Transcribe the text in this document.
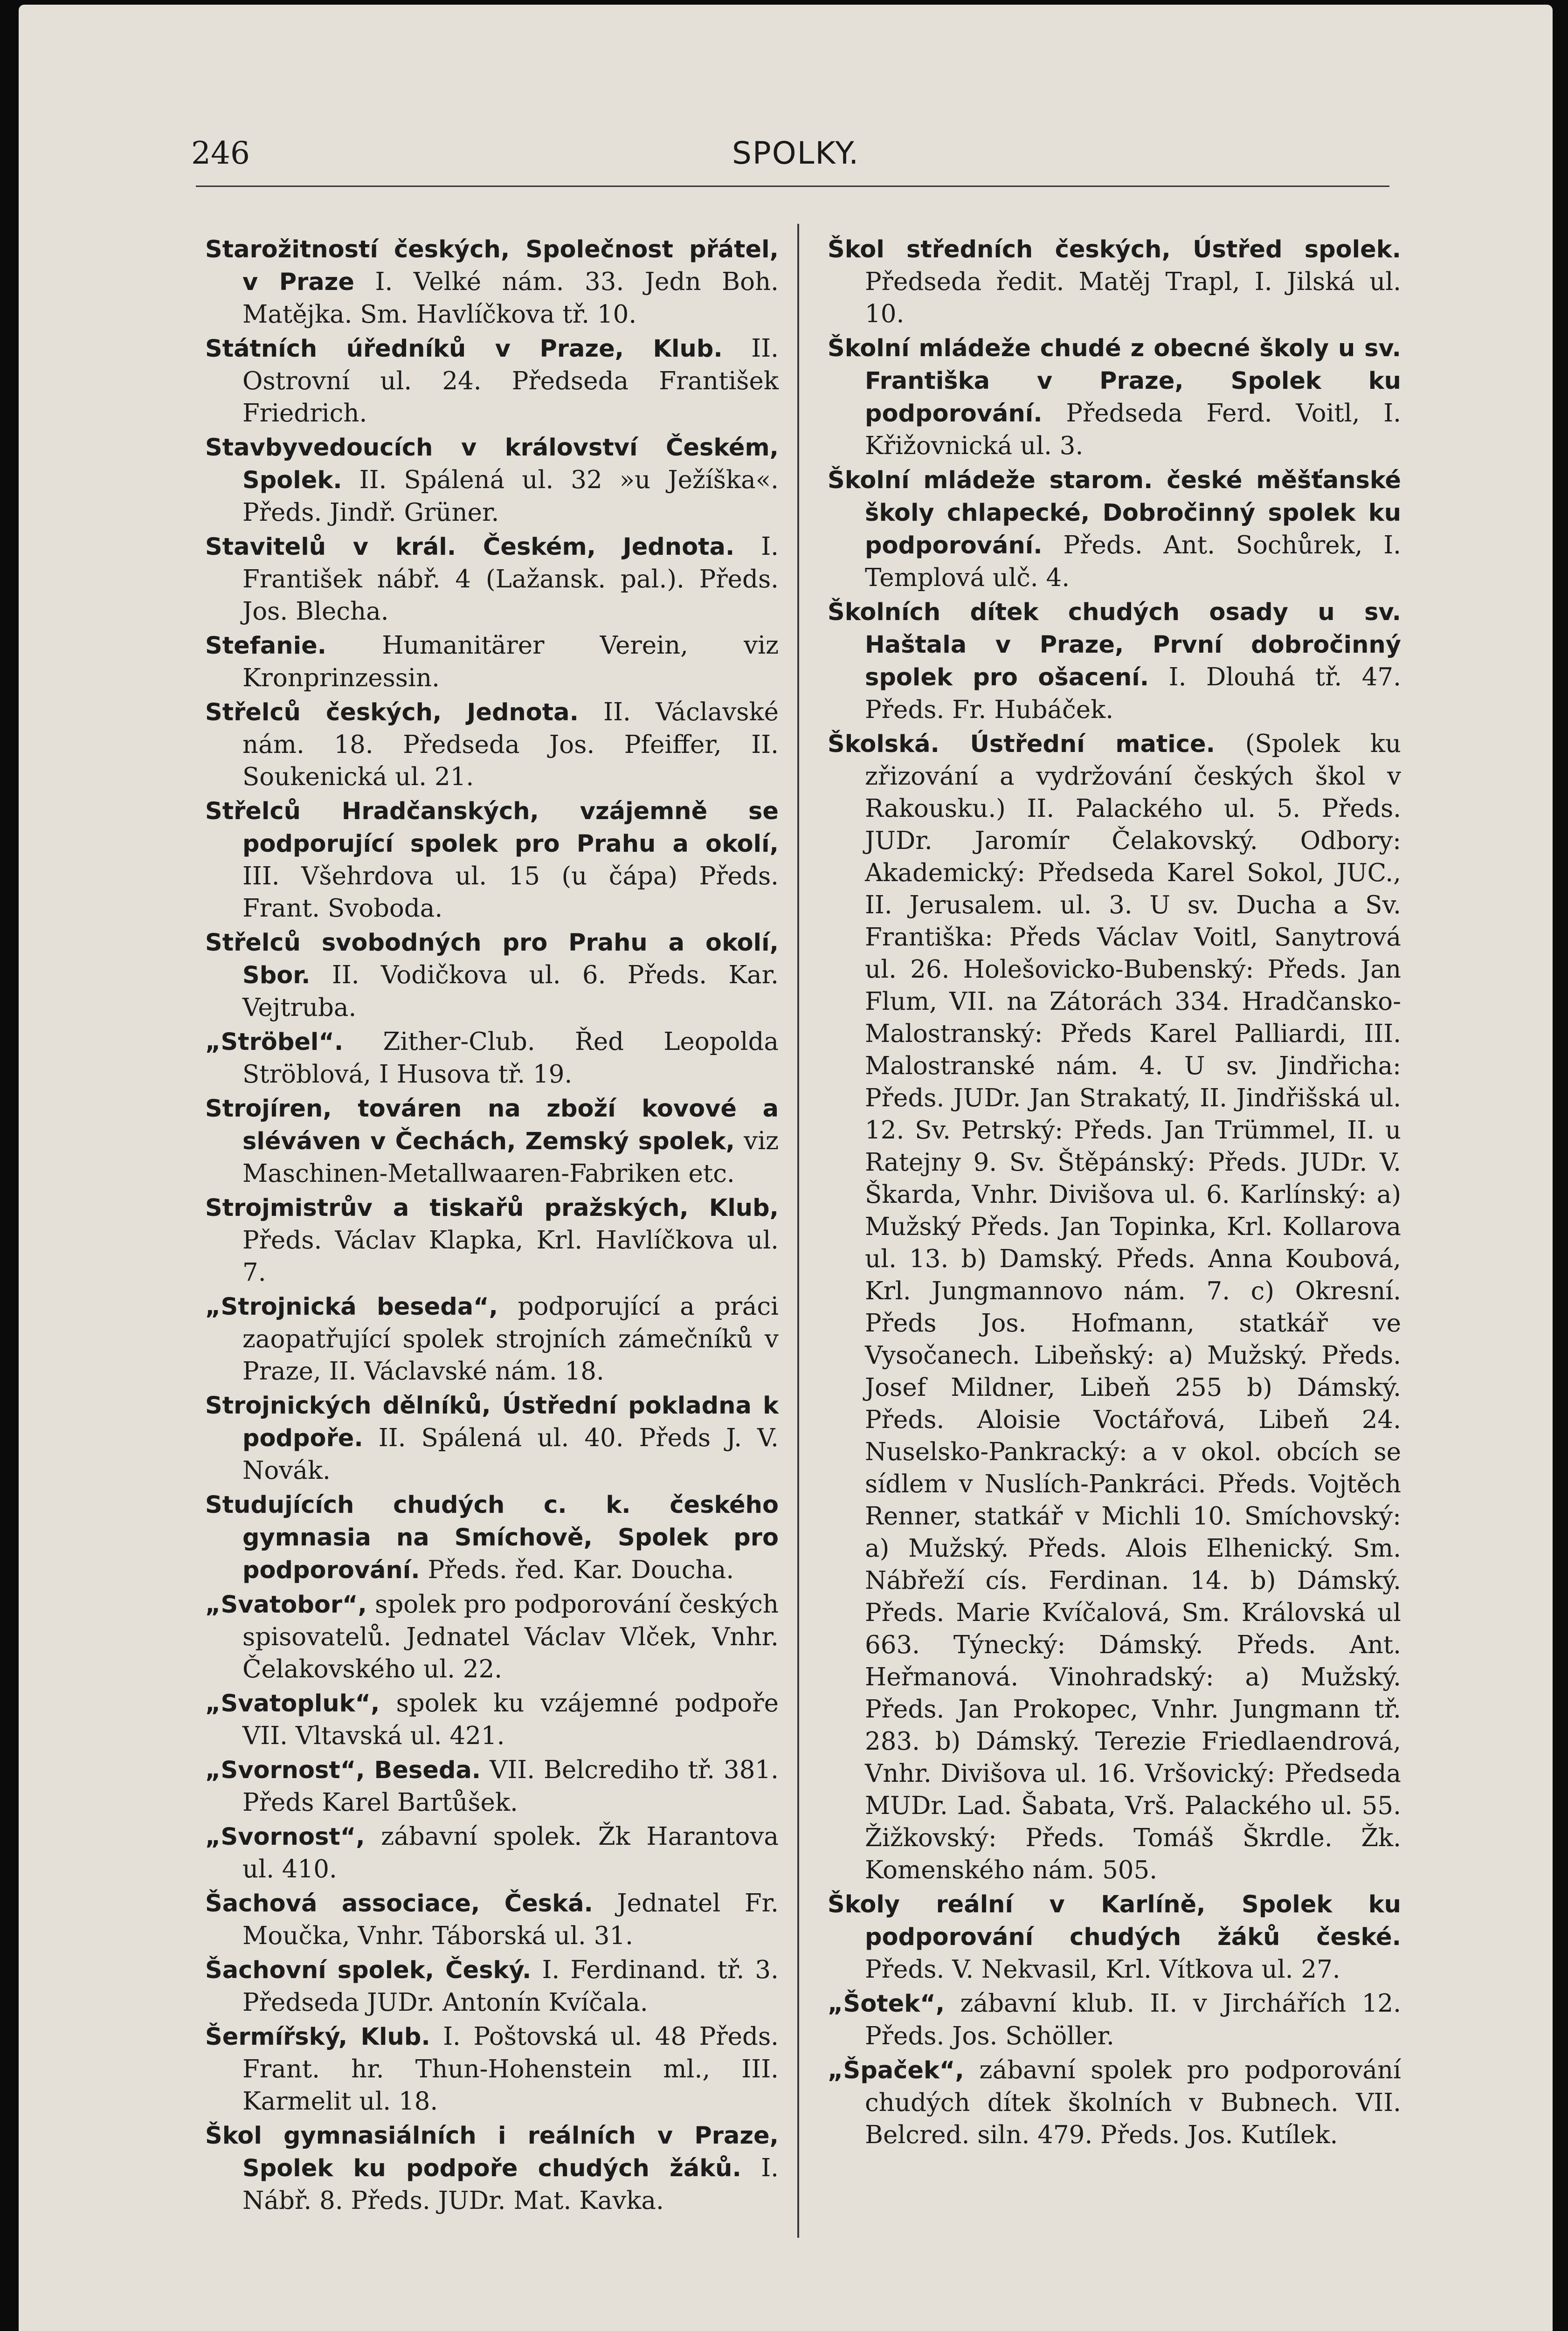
246	SPOLKY.

Starožitností českých, Společnost přátel, v Praze I. Velké nám. 33. Jedn Boh. Matějka. Sm. Havlíčkova tř. 10.

Státních úředníků v Praze, Klub. II. Ostrovní ul. 24. Předseda František Friedrich.

Stavbyvedoucích v království Českém, Spolek. II. Spálená ul. 32 »u Ježíška«. Předs. Jindř. Grüner.

Stavitelů v král. Českém, Jednota. I. František nábř. 4 (Lažansk. pal.). Předs. Jos. Blecha.

Stefanie. Humanitärer Verein, viz Kronprinzessin.

Střelců českých, Jednota. II. Václavské nám. 18. Předseda Jos. Pfeiffer, II. Soukenická ul. 21.

Střelců Hradčanských, vzájemně se podporující spolek pro Prahu a okolí, III. Všehrdova ul. 15 (u čápa) Předs. Frant. Svoboda.

Střelců svobodných pro Prahu a okolí, Sbor. II. Vodičkova ul. 6. Předs. Kar. Vejtruba.

„Ströbel“. Zither-Club. Řed Leopolda Ströblová, I Husova tř. 19.

Strojíren, továren na zboží kovové a sléváven v Čechách, Zemský spolek, viz Maschinen-Metallwaaren-Fabriken etc.

Strojmistrův a tiskařů pražských, Klub, Předs. Václav Klapka, Krl. Havlíčkova ul. 7.

„Strojnická beseda“, podporující a práci zaopatřující spolek strojních zámečníků v Praze, II. Václavské nám. 18.

Strojnických dělníků, Ústřední pokladna k podpoře. II. Spálená ul. 40. Předs J. V. Novák.

Studujících chudých c. k. českého gymnasia na Smíchově, Spolek pro podporování. Předs. řed. Kar. Doucha.

„Svatobor“, spolek pro podporování českých spisovatelů. Jednatel Václav Vlček, Vnhr. Čelakovského ul. 22.

„Svatopluk“, spolek ku vzájemné podpoře VII. Vltavská ul. 421.

„Svornost“, Beseda. VII. Belcrediho tř. 381. Předs Karel Bartůšek.

„Svornost“, zábavní spolek. Žk Harantova ul. 410.

Šachová associace, Česká. Jednatel Fr. Moučka, Vnhr. Táborská ul. 31.

Šachovní spolek, Český. I. Ferdinand. tř. 3. Předseda JUDr. Antonín Kvíčala.

Šermířský, Klub. I. Poštovská ul. 48 Předs. Frant. hr. Thun-Hohenstein ml., III. Karmelit ul. 18.

Škol gymnasiálních i reálních v Praze, Spolek ku podpoře chudých žáků. I. Nábř. 8. Předs. JUDr. Mat. Kavka.

Škol středních českých, Ústřed spolek. Předseda ředit. Matěj Trapl, I. Jilská ul. 10.

Školní mládeže chudé z obecné školy u sv. Františka v Praze, Spolek ku podporování. Předseda Ferd. Voitl, I. Křižovnická ul. 3.

Školní mládeže starom. české měšťanské školy chlapecké, Dobročinný spolek ku podporování. Předs. Ant. Sochůrek, I. Templová ulč. 4.

Školních dítek chudých osady u sv. Haštala v Praze, První dobročinný spolek pro ošacení. I. Dlouhá tř. 47. Předs. Fr. Hubáček.

Školská. Ústřední matice. (Spolek ku zřizování a vydržování českých škol v Rakousku.) II. Palackého ul. 5. Předs. JUDr. Jaromír Čelakovský. Odbory: Akademický: Předseda Karel Sokol, JUC., II. Jerusalem. ul. 3. U sv. Ducha a Sv. Františka: Předs Václav Voitl, Sanytrová ul. 26. Holešovicko-Bubenský: Předs. Jan Flum, VII. na Zátorách 334. Hradčansko-Malostranský: Předs Karel Palliardi, III. Malostranské nám. 4. U sv. Jindřicha: Předs. JUDr. Jan Strakatý, II. Jindřišská ul. 12. Sv. Petrský: Předs. Jan Trümmel, II. u Ratejny 9. Sv. Štěpánský: Předs. JUDr. V. Škarda, Vnhr. Divišova ul. 6. Karlínský: a) Mužský Předs. Jan Topinka, Krl. Kollarova ul. 13. b) Damský. Předs. Anna Koubová, Krl. Jungmannovo nám. 7. c) Okresní. Předs Jos. Hofmann, statkář ve Vysočanech. Libeňský: a) Mužský. Předs. Josef Mildner, Libeň 255 b) Dámský. Předs. Aloisie Voctářová, Libeň 24. Nuselsko-Pankracký: a v okol. obcích se sídlem v Nuslích-Pankráci. Předs. Vojtěch Renner, statkář v Michli 10. Smíchovský: a) Mužský. Předs. Alois Elhenický. Sm. Nábřeží cís. Ferdinan. 14. b) Dámský. Předs. Marie Kvíčalová, Sm. Královská ul 663. Týnecký: Dámský. Předs. Ant. Heřmanová. Vinohradský: a) Mužský. Předs. Jan Prokopec, Vnhr. Jungmann tř. 283. b) Dámský. Terezie Friedlaendrová, Vnhr. Divišova ul. 16. Vršovický: Předseda MUDr. Lad. Šabata, Vrš. Palackého ul. 55. Žižkovský: Předs. Tomáš Škrdle. Žk. Komenského nám. 505.

Školy reální v Karlíně, Spolek ku podporování chudých žáků české. Předs. V. Nekvasil, Krl. Vítkova ul. 27.

„Šotek“, zábavní klub. II. v Jirchářích 12. Předs. Jos. Schöller.

„Špaček“, zábavní spolek pro podporování chudých dítek školních v Bubnech. VII. Belcred. siln. 479. Předs. Jos. Kutílek.
